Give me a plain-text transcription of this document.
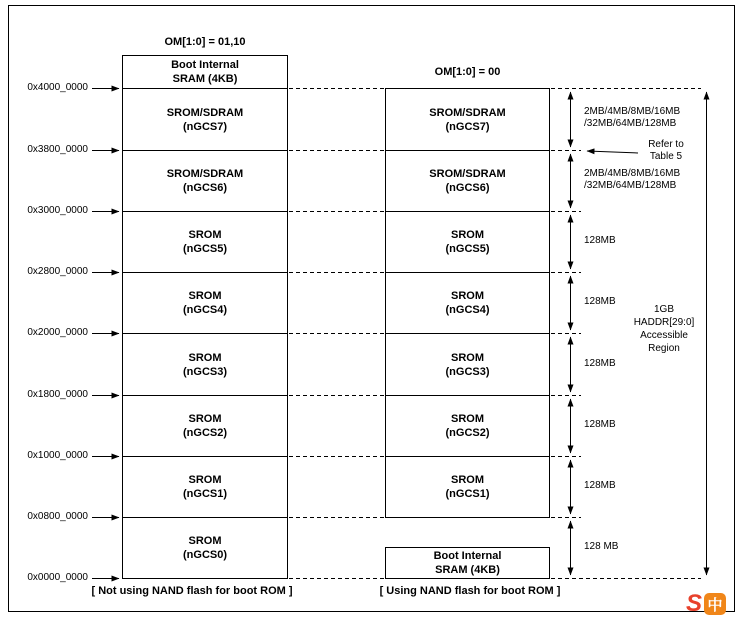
OM[1:0] = 01,10
OM[1:0] = 00
Boot Internal
SRAM (4KB)
SROM/SDRAM
(nGCS7)
SROM/SDRAM
(nGCS6)
SROM
(nGCS5)
SROM
(nGCS4)
SROM
(nGCS3)
SROM
(nGCS2)
SROM
(nGCS1)
SROM
(nGCS0)
SROM/SDRAM
(nGCS7)
SROM/SDRAM
(nGCS6)
SROM
(nGCS5)
SROM
(nGCS4)
SROM
(nGCS3)
SROM
(nGCS2)
SROM
(nGCS1)
Boot Internal
SRAM (4KB)
0x4000_0000
0x3800_0000
0x3000_0000
0x2800_0000
0x2000_0000
0x1800_0000
0x1000_0000
0x0800_0000
0x0000_0000
2MB/4MB/8MB/16MB
/32MB/64MB/128MB
2MB/4MB/8MB/16MB
/32MB/64MB/128MB
128MB
128MB
128MB
128MB
128MB
128 MB
Refer to
Table 5
1GB
HADDR[29:0]
Accessible
Region
[ Not using NAND flash for boot ROM ]	[ Using NAND flash for boot ROM ]	S 中
